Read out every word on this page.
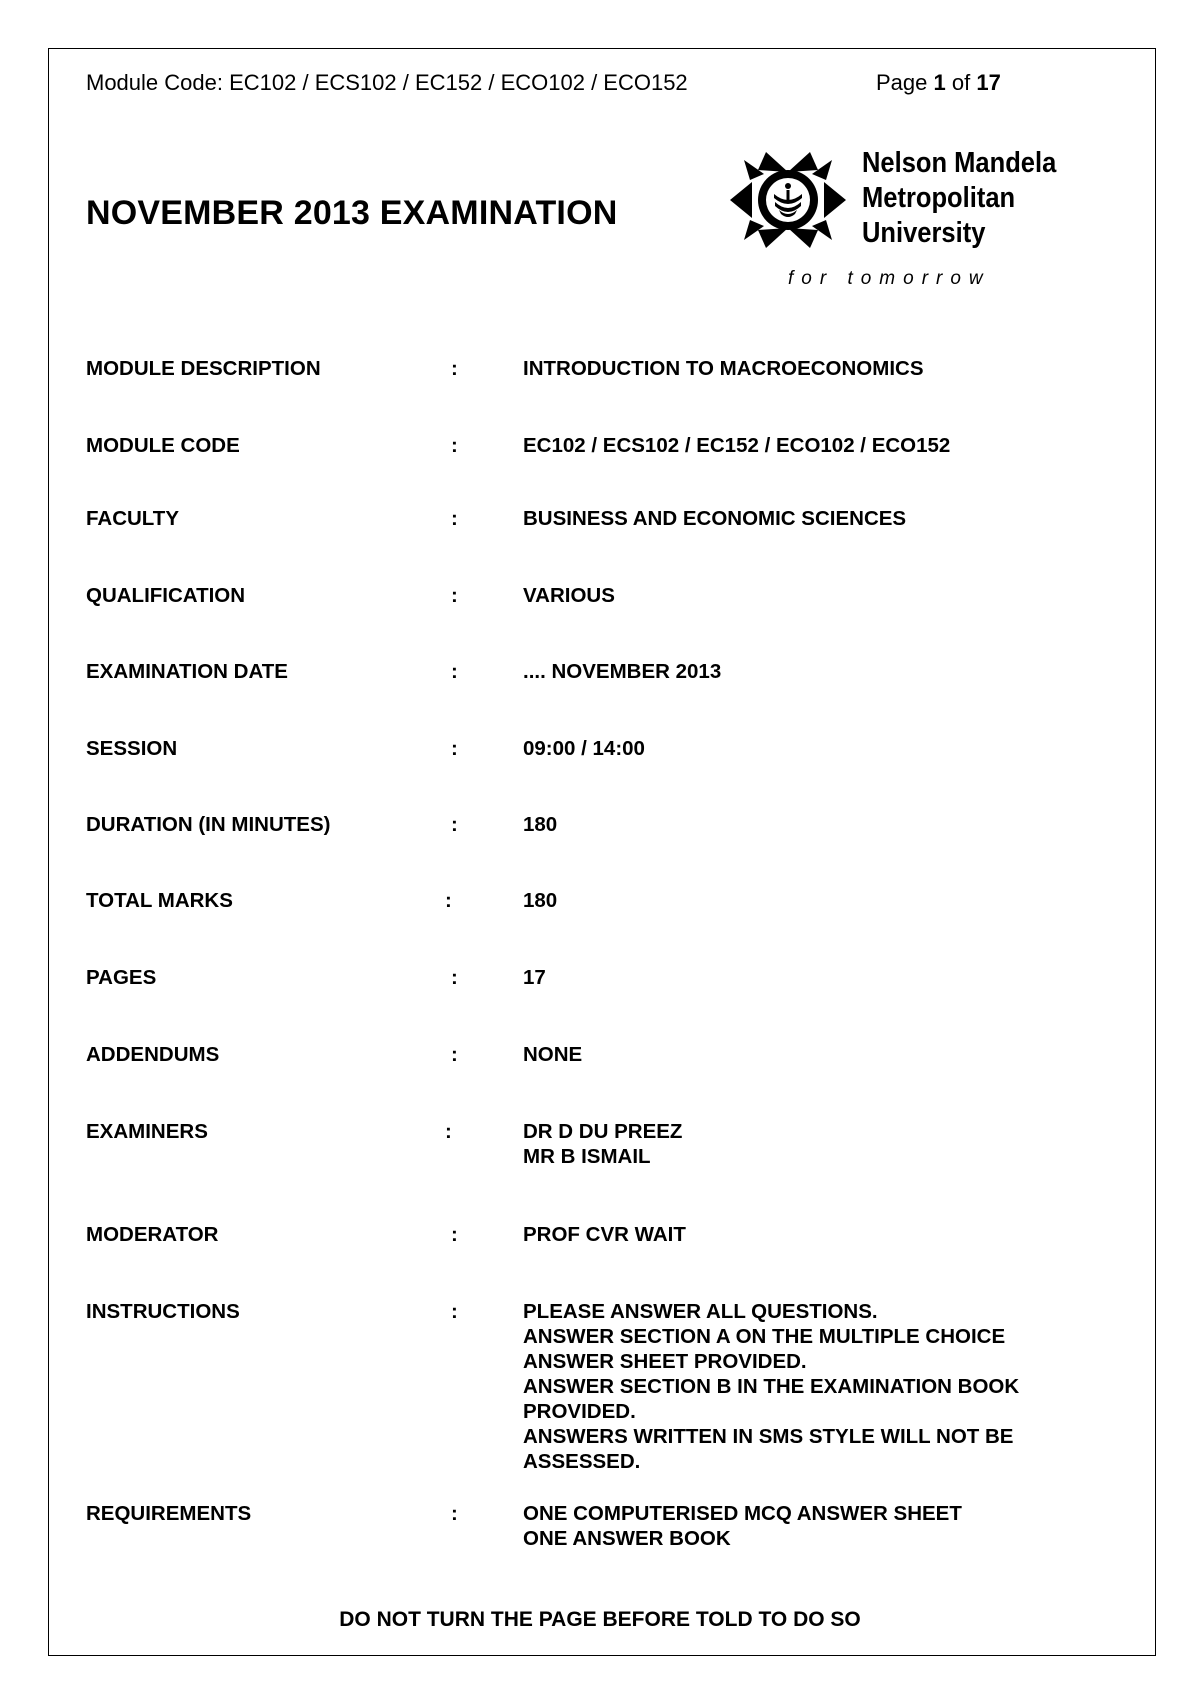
Module Code: EC102 / ECS102 / EC152 / ECO102 / ECO152	Page 1 of 17
NOVEMBER 2013 EXAMINATION
Nelson Mandela
Metropolitan
University
for tomorrow
MODULE DESCRIPTION	:	INTRODUCTION TO MACROECONOMICS
MODULE CODE	:	EC102 / ECS102 / EC152 / ECO102 / ECO152
FACULTY	:	BUSINESS AND ECONOMIC SCIENCES
QUALIFICATION	:	VARIOUS
EXAMINATION DATE	:	.... NOVEMBER 2013
SESSION	:	09:00 / 14:00
DURATION (IN MINUTES)	:	180
TOTAL MARKS	:	180
PAGES	:	17
ADDENDUMS	:	NONE
EXAMINERS	:	DR D DU PREEZ
MR B ISMAIL
MODERATOR	:	PROF CVR WAIT
INSTRUCTIONS	:	PLEASE ANSWER ALL QUESTIONS.
ANSWER SECTION A ON THE MULTIPLE CHOICE
ANSWER SHEET PROVIDED.
ANSWER SECTION B IN THE EXAMINATION BOOK
PROVIDED.
ANSWERS WRITTEN IN SMS STYLE WILL NOT BE
ASSESSED.
REQUIREMENTS	:	ONE COMPUTERISED MCQ ANSWER SHEET
ONE ANSWER BOOK
DO NOT TURN THE PAGE BEFORE TOLD TO DO SO
